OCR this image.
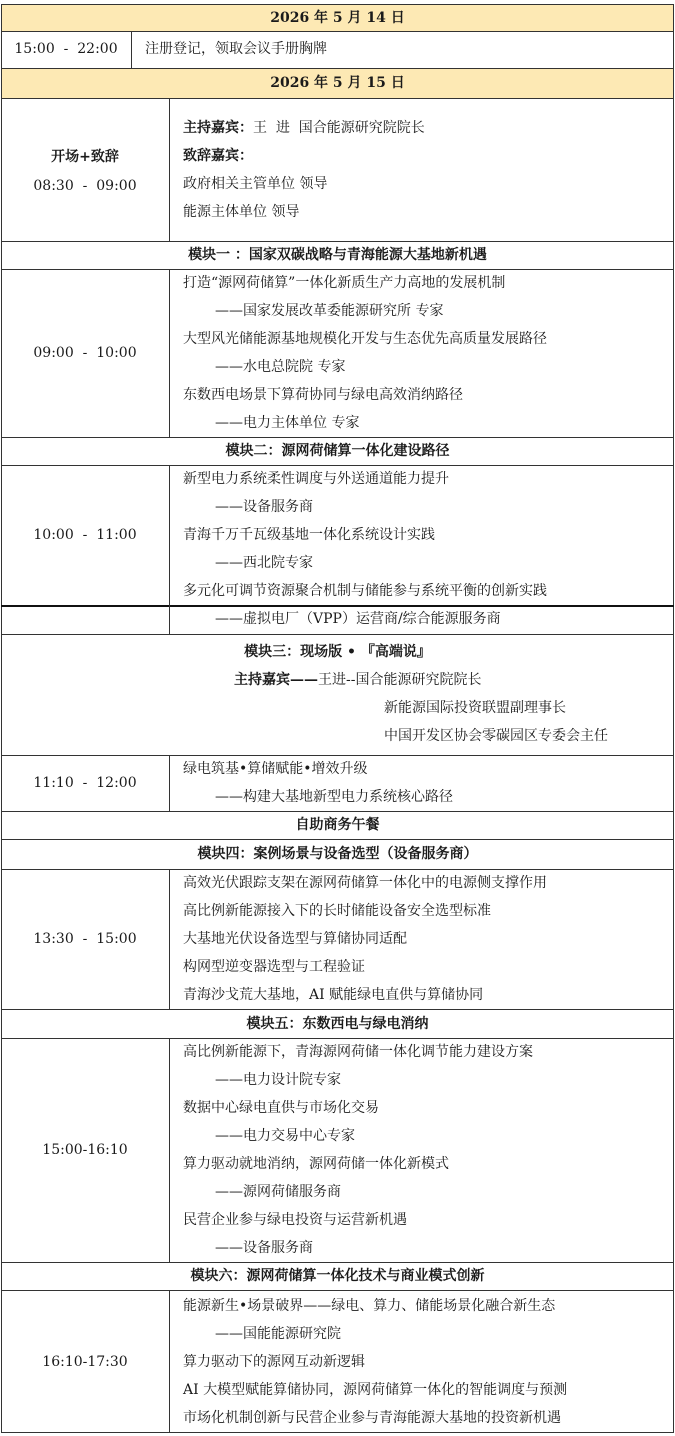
2026 年 5 月 14 日
15:00  -  22:00	注册登记，领取会议手册胸牌
2026 年 5 月 15 日
开场+致辞
08:30  -  09:00
主持嘉宾：王  进  国合能源研究院院长
致辞嘉宾：
政府相关主管单位 领导
能源主体单位 领导
模块一 ：国家双碳战略与青海能源大基地新机遇
09:00  -  10:00
打造“源网荷储算”一体化新质生产力高地的发展机制
——国家发展改革委能源研究所 专家
大型风光储能源基地规模化开发与生态优先高质量发展路径
——水电总院院 专家
东数西电场景下算荷协同与绿电高效消纳路径
——电力主体单位 专家
模块二：源网荷储算一体化建设路径
10:00  -  11:00
新型电力系统柔性调度与外送通道能力提升
——设备服务商
青海千万千瓦级基地一体化系统设计实践
——西北院专家
多元化可调节资源聚合机制与储能参与系统平衡的创新实践
——虚拟电厂（VPP）运营商/综合能源服务商
模块三：现场版 • 『高端说』
主持嘉宾——王进--国合能源研究院院长
新能源国际投资联盟副理事长
中国开发区协会零碳园区专委会主任
11:10  -  12:00
绿电筑基•算储赋能•增效升级
——构建大基地新型电力系统核心路径
自助商务午餐
模块四：案例场景与设备选型（设备服务商）
13:30  -  15:00
高效光伏跟踪支架在源网荷储算一体化中的电源侧支撑作用
高比例新能源接入下的长时储能设备安全选型标准
大基地光伏设备选型与算储协同适配
构网型逆变器选型与工程验证
青海沙戈荒大基地，AI 赋能绿电直供与算储协同
模块五：东数西电与绿电消纳
15:00-16:10
高比例新能源下，青海源网荷储一体化调节能力建设方案
——电力设计院专家
数据中心绿电直供与市场化交易
——电力交易中心专家
算力驱动就地消纳，源网荷储一体化新模式
——源网荷储服务商
民营企业参与绿电投资与运营新机遇
——设备服务商
模块六：源网荷储算一体化技术与商业模式创新
16:10-17:30
能源新生•场景破界——绿电、算力、储能场景化融合新生态
——国能能源研究院
算力驱动下的源网互动新逻辑
AI 大模型赋能算储协同，源网荷储算一体化的智能调度与预测
市场化机制创新与民营企业参与青海能源大基地的投资新机遇
